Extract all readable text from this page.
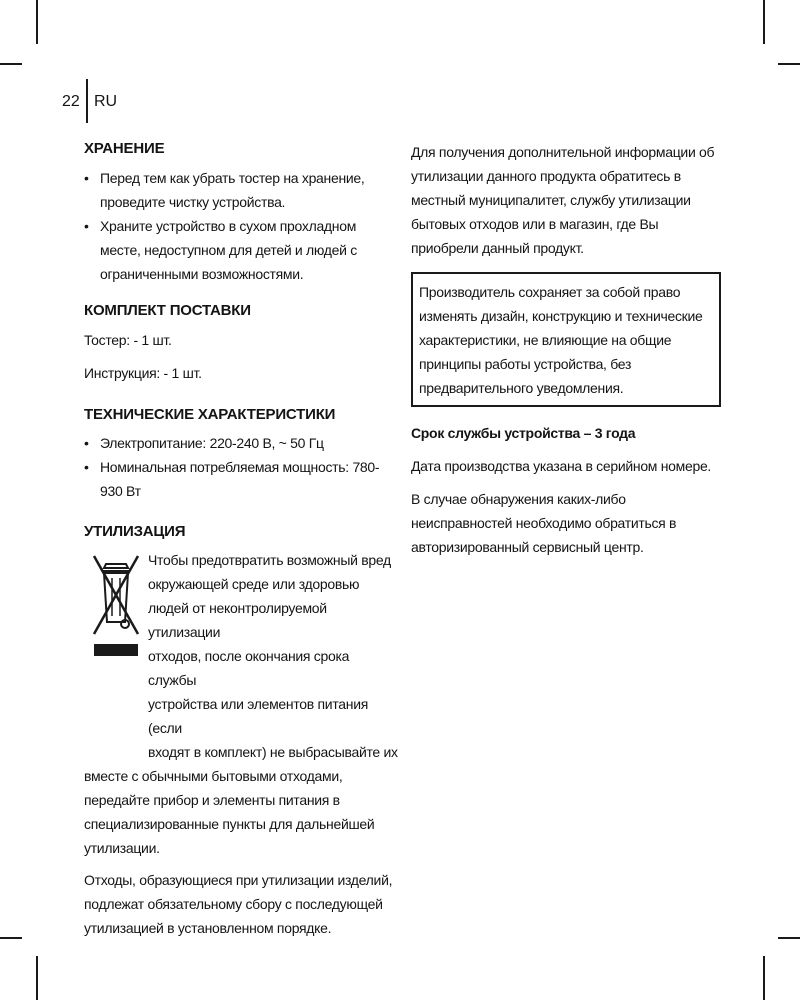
22 RU
ХРАНЕНИЕ
• Перед тем как убрать тостер на хранение, проведите чистку устройства.
• Храните устройство в сухом прохладном месте, недоступном для детей и людей с ограниченными возможностями.
КОМПЛЕКТ ПОСТАВКИ

Тостер: - 1 шт.

Инструкция: - 1 шт.

ТЕХНИЧЕСКИЕ ХАРАКТЕРИСТИКИ
• Электропитание: 220-240 В, ~ 50 Гц
• Номинальная потребляемая мощность: 780-930 Вт
УТИЛИЗАЦИЯ
Чтобы предотвратить возможный вред
окружающей среде или здоровью
людей от неконтролируемой утилизации
отходов, после окончания срока службы
устройства или элементов питания (если
входят в комплект) не выбрасывайте их

вместе с обычными бытовыми отходами, передайте прибор и элементы питания в специализированные пункты для дальнейшей утилизации.

Отходы, образующиеся при утилизации изделий, подлежат обязательному сбору с последующей утилизацией в установленном порядке.

Для получения дополнительной информации об утилизации данного продукта обратитесь в местный муниципалитет, службу утилизации бытовых отходов или в магазин, где Вы приобрели данный продукт.

Производитель сохраняет за собой право изменять дизайн, конструкцию и технические характеристики, не влияющие на общие принципы работы устройства, без предварительного уведомления.

Срок службы устройства – 3 года

Дата производства указана в серийном номере.

В случае обнаружения каких-либо неисправностей необходимо обратиться в авторизированный сервисный центр.
